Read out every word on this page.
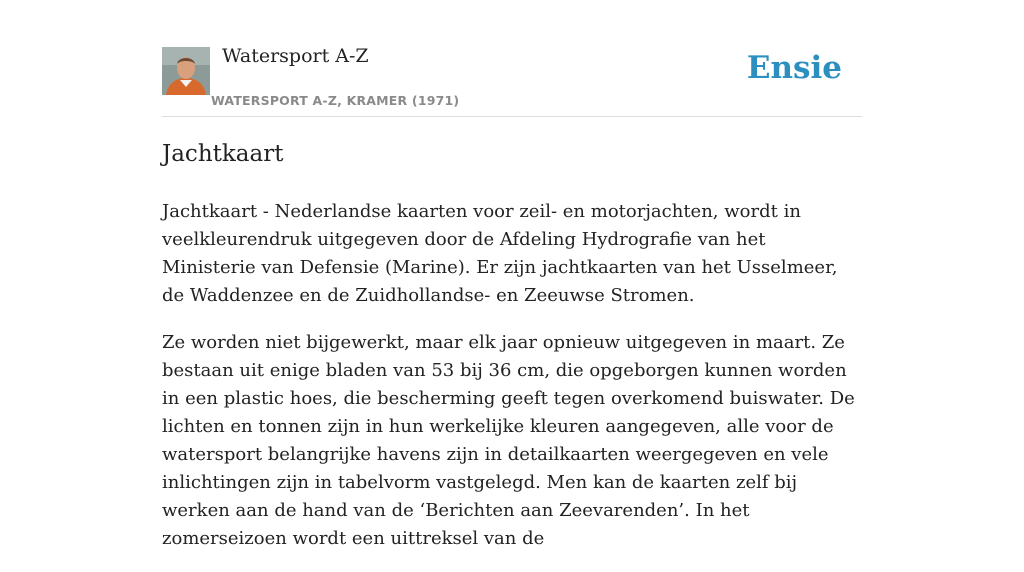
Watersport A-Z
WATERSPORT A-Z, KRAMER (1971)
Ensie
Jachtkaart

Jachtkaart - Nederlandse kaarten voor zeil- en motorjachten, wordt in veelkleurendruk uitgegeven door de Afdeling Hydrografie van het Ministerie van Defensie (Marine). Er zijn jachtkaarten van het Usselmeer, de Waddenzee en de Zuidhollandse- en Zeeuwse Stromen.

Ze worden niet bijgewerkt, maar elk jaar opnieuw uitgegeven in maart. Ze bestaan uit enige bladen van 53 bij 36 cm, die opgeborgen kunnen worden in een plastic hoes, die bescherming geeft tegen overkomend buiswater. De lichten en tonnen zijn in hun werkelijke kleuren aangegeven, alle voor de watersport belangrijke havens zijn in detailkaarten weergegeven en vele inlichtingen zijn in tabelvorm vastgelegd. Men kan de kaarten zelf bij werken aan de hand van de ‘Berichten aan Zeevarenden’. In het zomerseizoen wordt een uittreksel van de
